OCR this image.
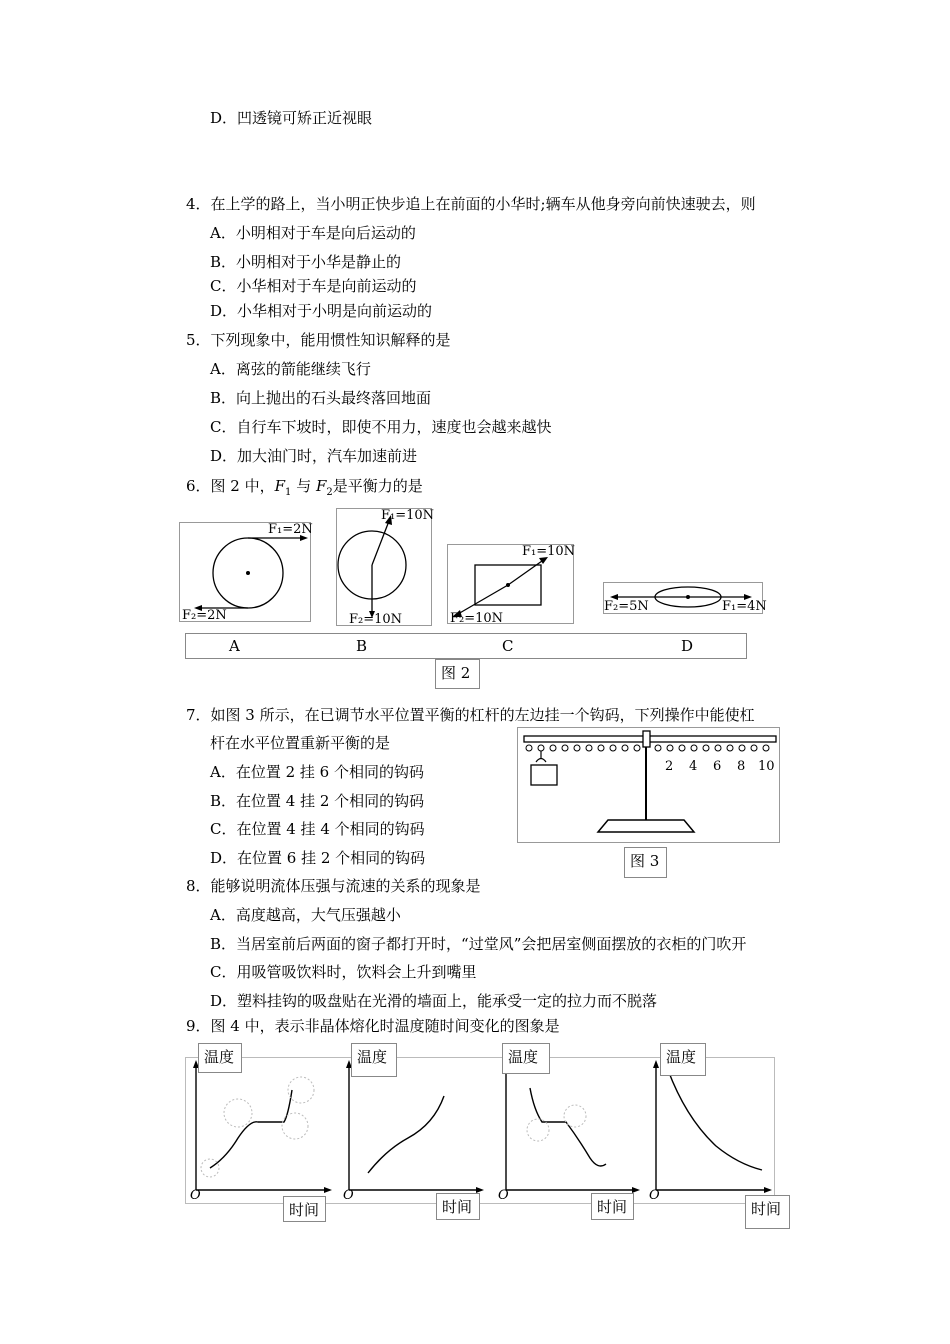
D．凹透镜可矫正近视眼
4．在上学的路上，当小明正快步追上在前面的小华时;辆车从他身旁向前快速驶去，则
A．小明相对于车是向后运动的
B．小明相对于小华是静止的
C．小华相对于车是向前运动的
D．小华相对于小明是向前运动的
5．下列现象中，能用惯性知识解释的是
A．离弦的箭能继续飞行
B．向上抛出的石头最终落回地面
C．自行车下坡时，即使不用力，速度也会越来越快
D．加大油门时，汽车加速前进
6．图 2 中，$F_1$ 与 $F_2$是平衡力的是
F₁=2N
F₂=2N
F₁=10N
F₂=10N
F₁=10N
F₂=10N
F₂=5N	F₁=4N
A	B	C	D
图 2
7．如图 3 所示，在已调节水平位置平衡的杠杆的左边挂一个钩码，下列操作中能使杠
杆在水平位置重新平衡的是
A．在位置 2 挂 6 个相同的钩码
B．在位置 4 挂 2 个相同的钩码
C．在位置 4 挂 4 个相同的钩码
D．在位置 6 挂 2 个相同的钩码
2 4 6 8 10
图 3
8．能够说明流体压强与流速的关系的现象是
A．高度越高，大气压强越小
B．当居室前后两面的窗子都打开时，“过堂风”会把居室侧面摆放的衣柜的门吹开
C．用吸管吸饮料时，饮料会上升到嘴里
D．塑料挂钩的吸盘贴在光滑的墙面上，能承受一定的拉力而不脱落
9．图 4 中，表示非晶体熔化时温度随时间变化的图象是
O	O	O	O
温度	温度	温度	温度
时间	时间	时间	时间
